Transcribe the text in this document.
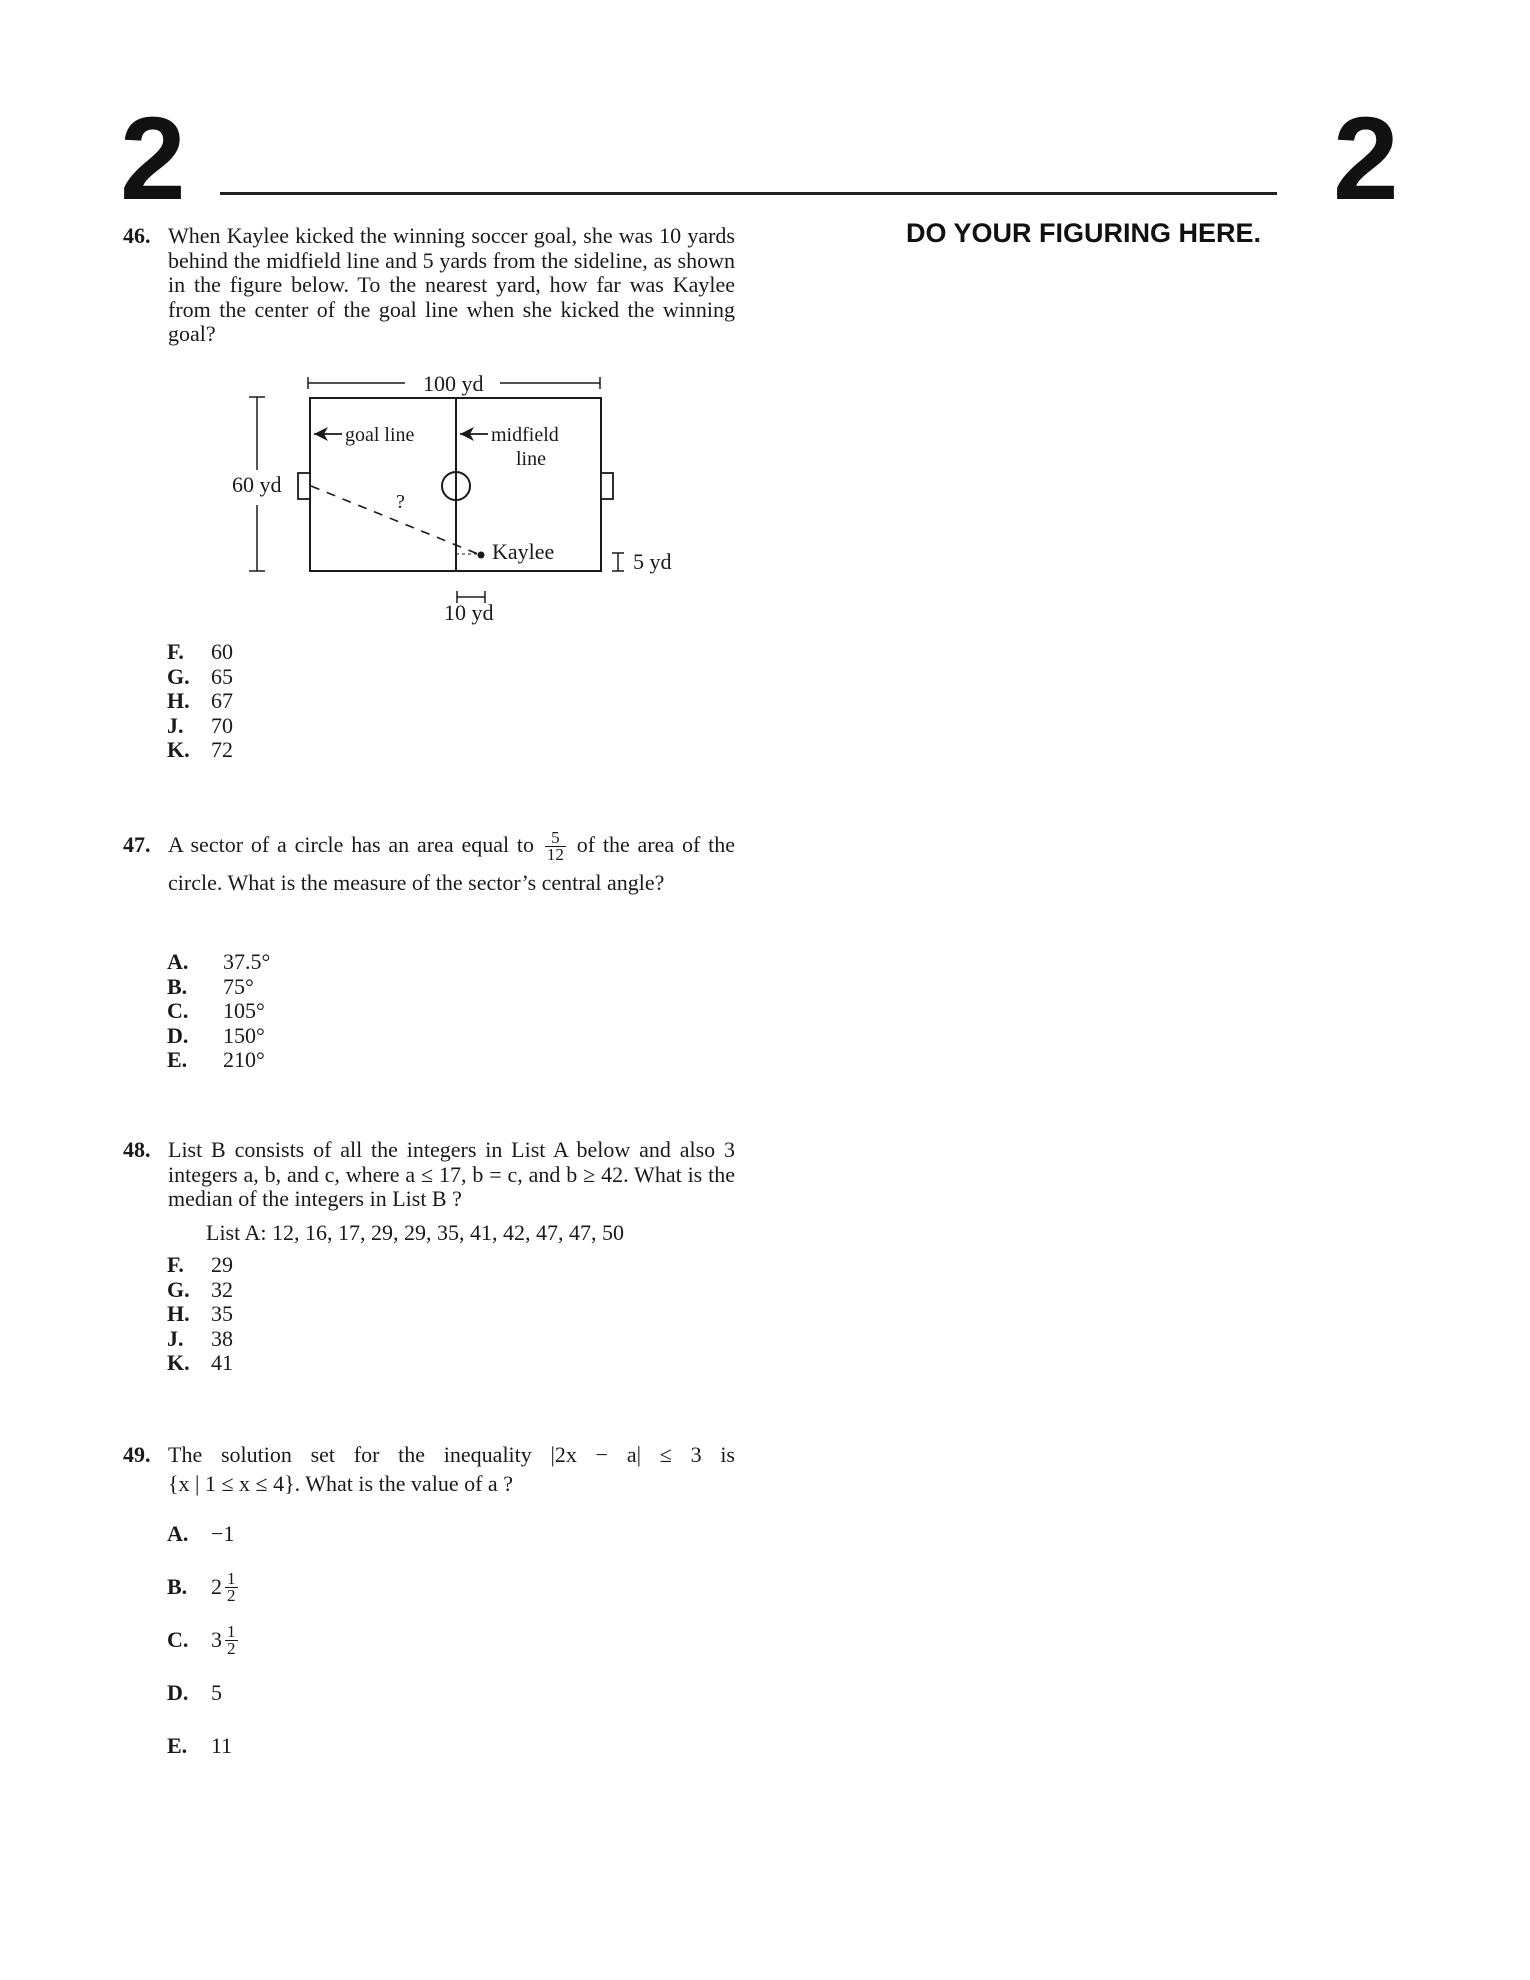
2	2
DO YOUR FIGURING HERE.
46. When Kaylee kicked the winning soccer goal, she was 10 yards behind the midfield line and 5 yards from the sideline, as shown in the figure below. To the nearest yard, how far was Kaylee from the center of the goal line when she kicked the winning goal?
100 yd
60 yd
goal line	midfield
line
?
Kaylee	5 yd
10 yd
F.	60
G. 65
H. 67
J.	70
K. 72
47. A sector of a circle has an area equal to $\frac{5}{12}$ of the area of the circle. What is the measure of the sector’s central angle?
A.	37.5°
B.	75°
C.	105°
D.	150°
E.	210°
48. List B consists of all the integers in List A below and also 3 integers a, b, and c, where a ≤ 17, b = c, and b ≥ 42. What is the median of the integers in List B ?
List A: 12, 16, 17, 29, 29, 35, 41, 42, 47, 47, 50
F.	29
G. 32
H. 35
J.	38
K. 41
49. The solution set for the inequality |2x − a| ≤ 3 is
{x | 1 ≤ x ≤ 4}. What is the value of a ?
A.	−1
B.	$2 \frac{1}{2}$
C.	$3 \frac{1}{2}$
D.	5
E.	11
